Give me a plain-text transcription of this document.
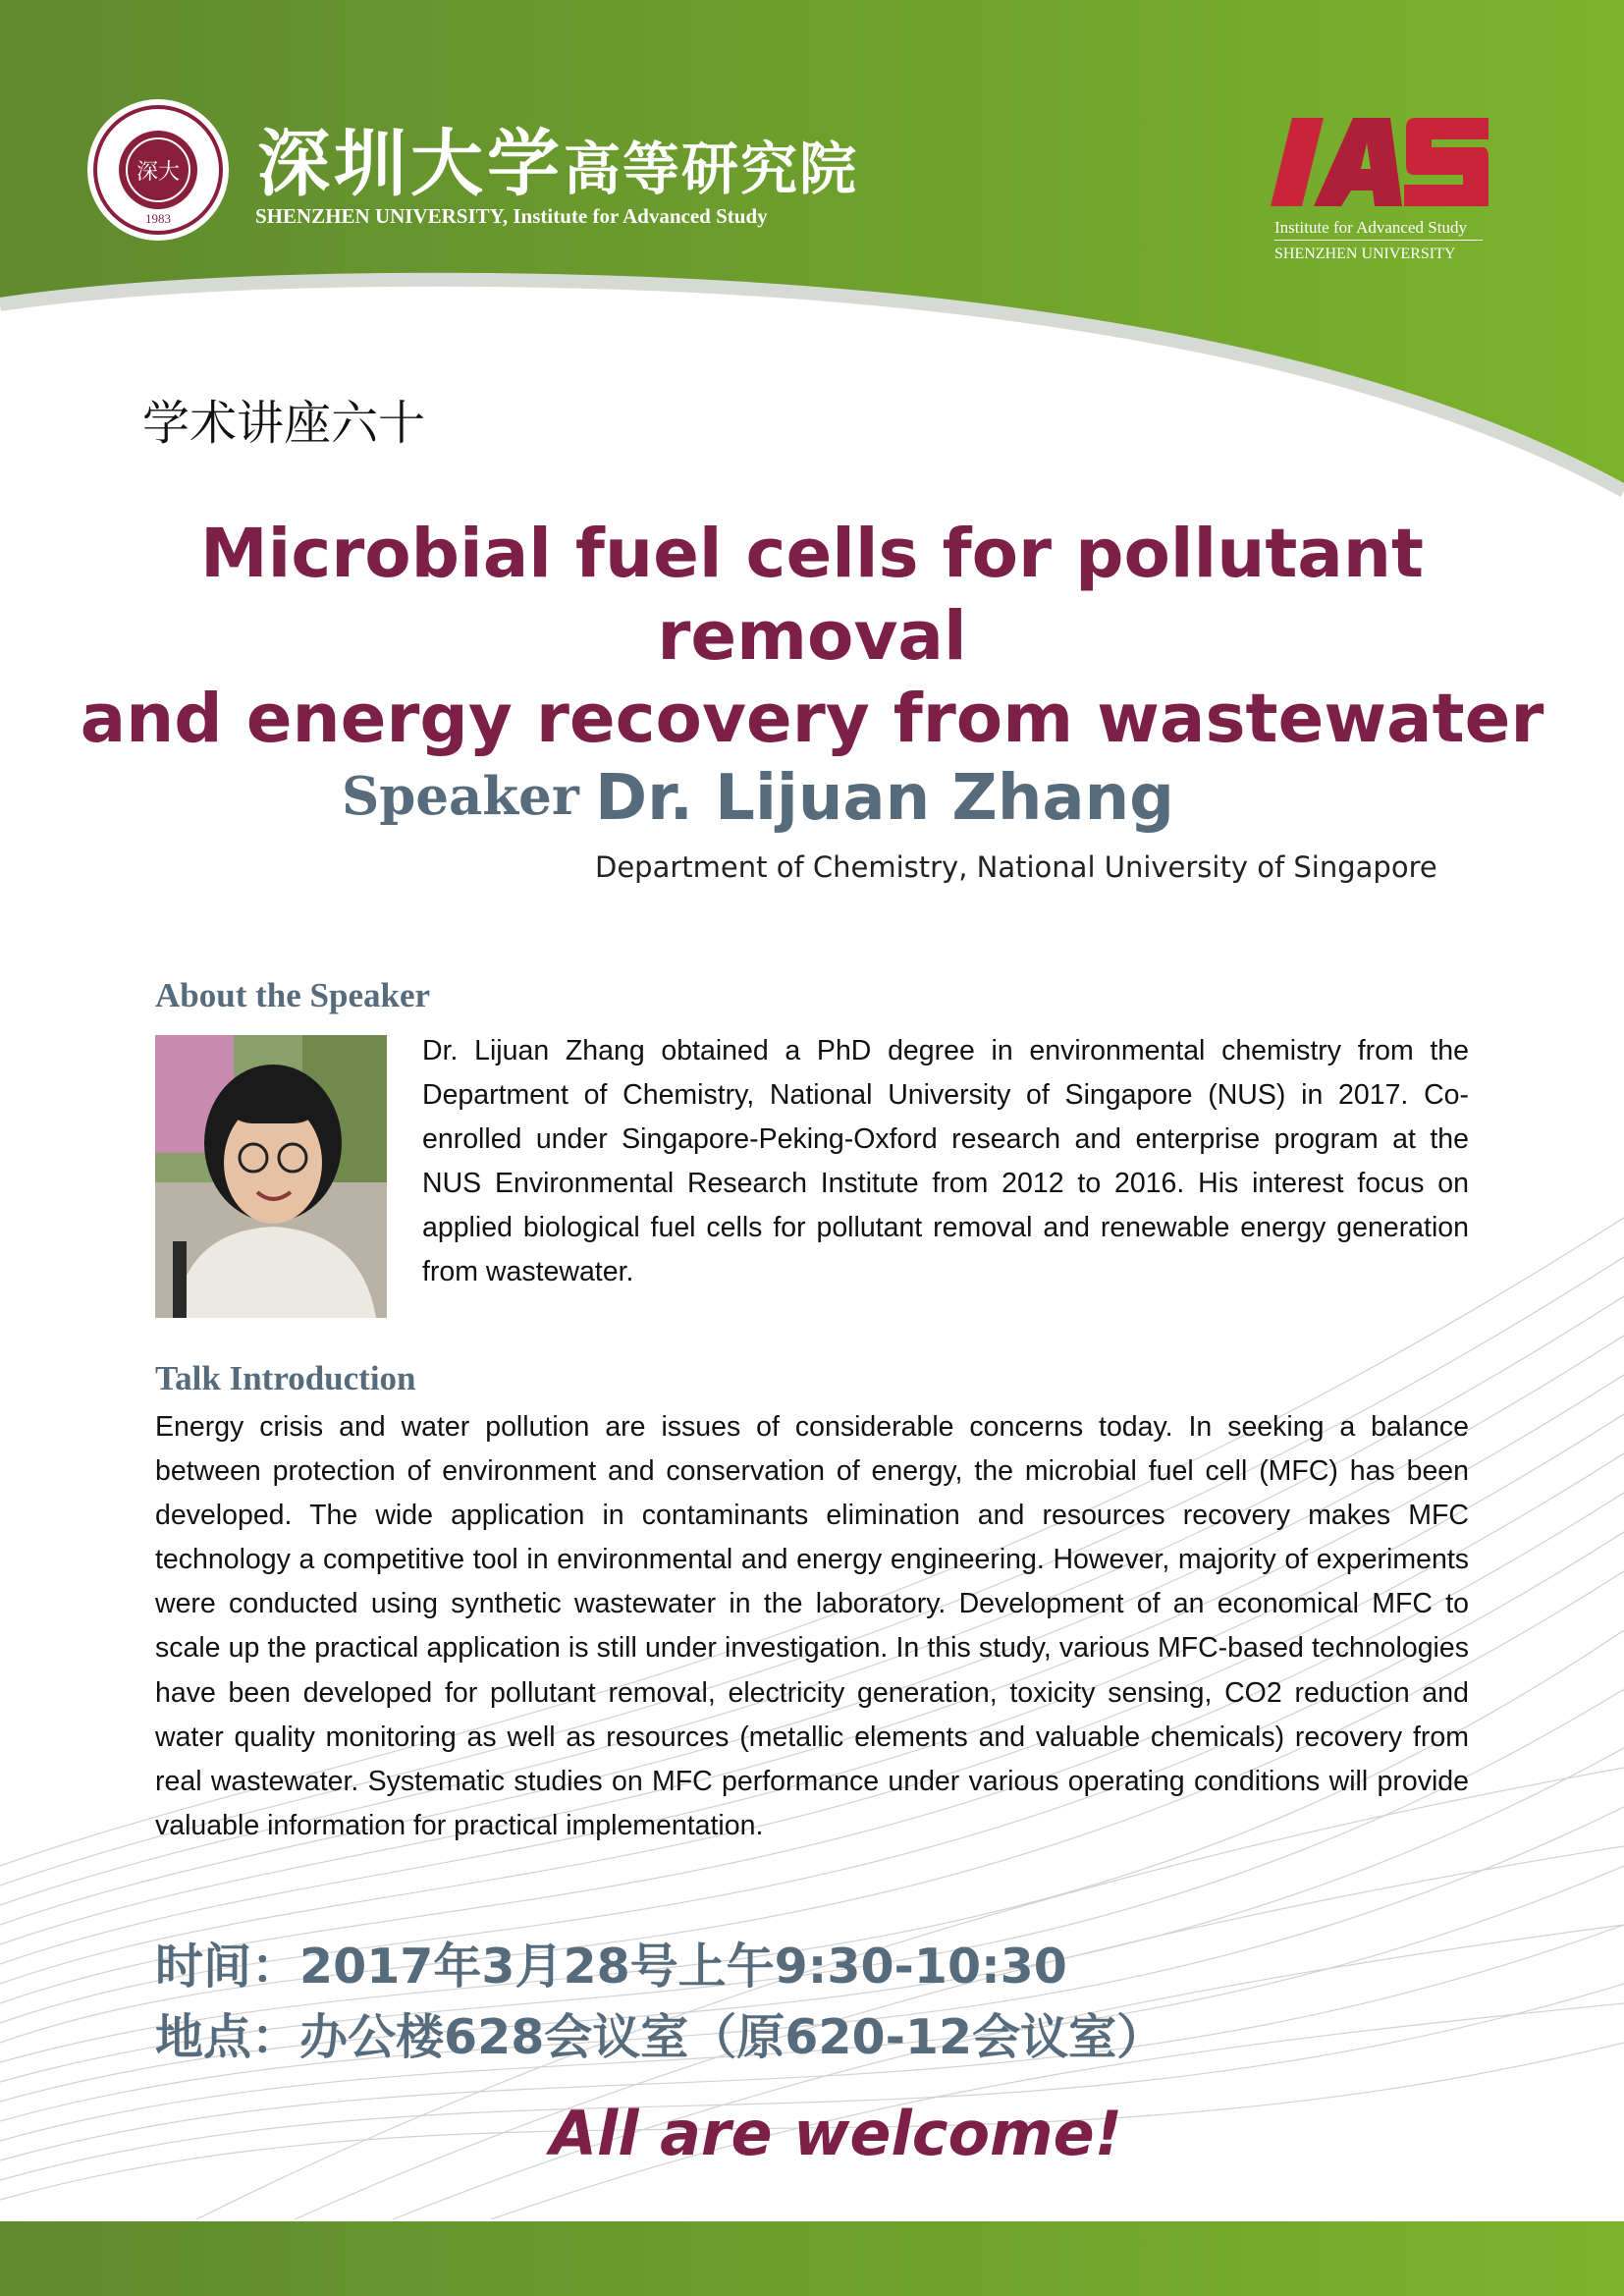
深大
1983
深圳大学高等研究院
SHENZHEN UNIVERSITY, Institute for Advanced Study	Institute for Advanced Study
SHENZHEN UNIVERSITY
学术讲座六十
Microbial fuel cells for pollutant removal
and energy recovery from wastewater
Speaker Dr. Lijuan Zhang
Department of Chemistry, National University of Singapore
About the Speaker
Dr. Lijuan Zhang obtained a PhD degree in environmental chemistry from the Department of Chemistry, National University of Singapore (NUS) in 2017. Co-enrolled under Singapore-Peking-Oxford research and enterprise program at the NUS Environmental Research Institute from 2012 to 2016. His interest focus on applied biological fuel cells for pollutant removal and renewable energy generation from wastewater.
Talk Introduction
Energy crisis and water pollution are issues of considerable concerns today. In seeking a balance between protection of environment and conservation of energy, the microbial fuel cell (MFC) has been developed. The wide application in contaminants elimination and resources recovery makes MFC technology a competitive tool in environmental and energy engineering. However, majority of experiments were conducted using synthetic wastewater in the laboratory. Development of an economical MFC to scale up the practical application is still under investigation. In this study, various MFC-based technologies have been developed for pollutant removal, electricity generation, toxicity sensing, CO2 reduction and water quality monitoring as well as resources (metallic elements and valuable chemicals) recovery from real wastewater. Systematic studies on MFC performance under various operating conditions will provide valuable information for practical implementation.
时间：2017年3月28号上午9:30-10:30
地点：办公楼628会议室（原620-12会议室）
All are welcome!
